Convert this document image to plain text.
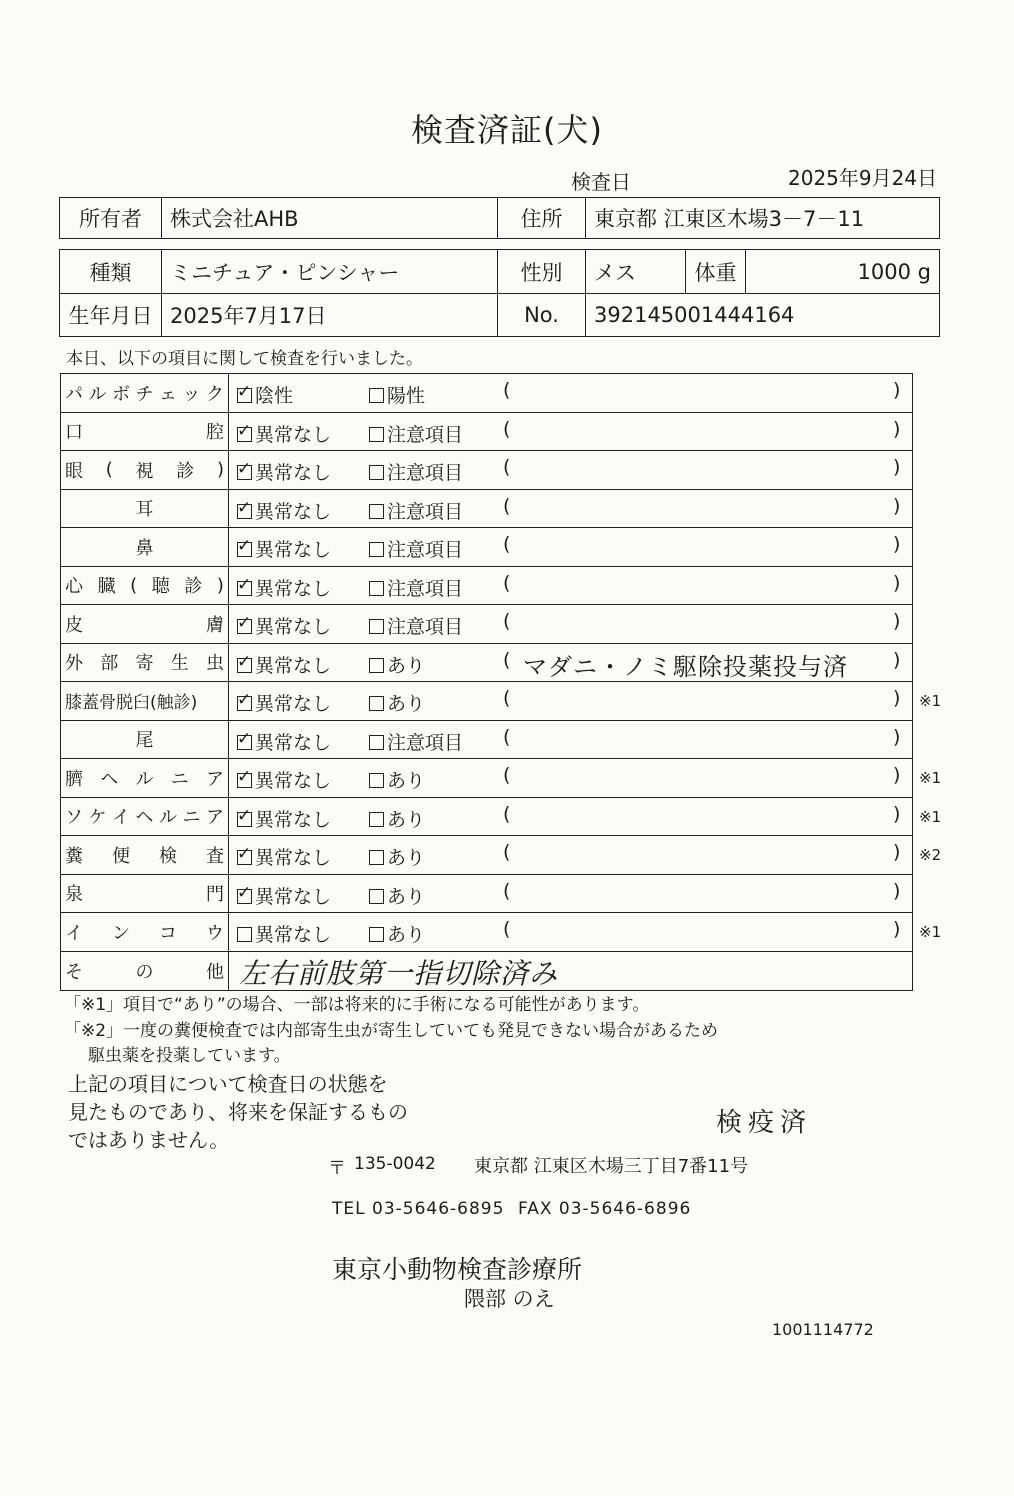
検査済証(犬)
検査日	2025年9月24日
所有者	株式会社AHB	住所	東京都 江東区木場3－7－11
種類	ミニチュア・ピンシャー	性別	メス	体重	1000 g
生年月日	2025年7月17日	No.	392145001444164		
本日、以下の項目に関して検査を行いました。
パ ル ボ チ ェ ッ ク ✓	陰性	陽性	(	)
口	腔 ✓	異常なし	注意項目 (	)
眼 ( 視 診 ) ✓	異常なし	注意項目 (	)
耳 ✓	異常なし	注意項目 (	)
鼻 ✓	異常なし	注意項目 (	)
心 臓 ( 聴 診 ) ✓	異常なし	注意項目 (	)
皮	膚 ✓	異常なし	注意項目 (	)
外 部 寄 生 虫 ✓	異常なし	あり	( マダニ・ノミ駆除投薬投与済 )
膝蓋骨脱臼(触診) ✓	異常なし	あり	(	) ※1
尾 ✓	異常なし	注意項目 (	)
臍 ヘ ル ニ ア ✓	異常なし	あり	(	) ※1
ソ ケ イ ヘ ル ニ ア ✓	異常なし	あり	(	) ※1
糞 便 検 査 ✓	異常なし	あり	(	) ※2
泉	門 ✓	異常なし	あり	(	)
イ ン コ ウ	異常なし	あり	(	) ※1
そ	の	他 左右前肢第一指切除済み
「※1」項目で“あり”の場合、一部は将来的に手術になる可能性があります。
「※2」一度の糞便検査では内部寄生虫が寄生していても発見できない場合があるため
駆虫薬を投薬しています。
上記の項目について検査日の状態を
見たものであり、将来を保証するもの
ではありません。
検疫済
〒 135-0042 東京都 江東区木場三丁目7番11号
TEL 03-5646-6895 FAX 03-5646-6896
東京小動物検査診療所
隈部 のえ
1001114772
